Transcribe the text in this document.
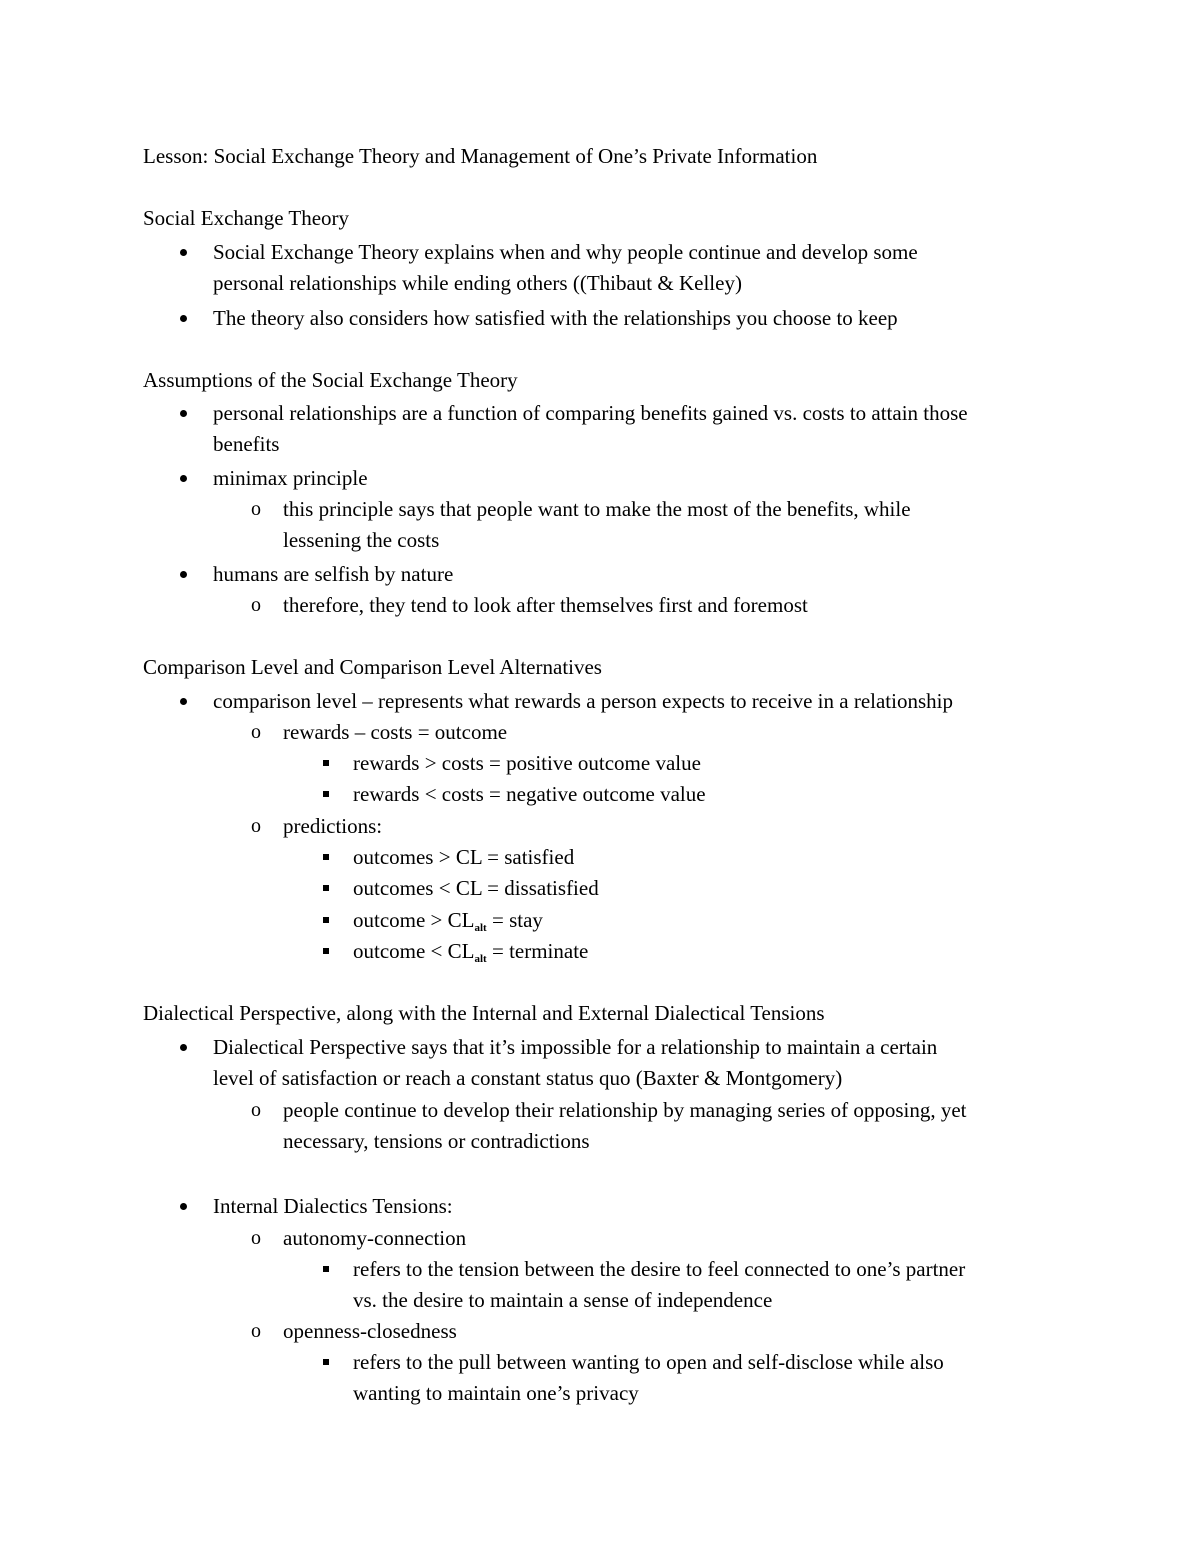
Lesson: Social Exchange Theory and Management of One’s Private Information
Social Exchange Theory
Social Exchange Theory explains when and why people continue and develop some
personal relationships while ending others ((Thibaut & Kelley)
The theory also considers how satisfied with the relationships you choose to keep
Assumptions of the Social Exchange Theory
personal relationships are a function of comparing benefits gained vs. costs to attain those
benefits
minimax principle
o	this principle says that people want to make the most of the benefits, while
lessening the costs
humans are selfish by nature
o	therefore, they tend to look after themselves first and foremost
Comparison Level and Comparison Level Alternatives
comparison level – represents what rewards a person expects to receive in a relationship
o	rewards – costs = outcome
rewards > costs = positive outcome value
rewards < costs = negative outcome value
o	predictions:
outcomes > CL = satisfied
outcomes < CL = dissatisfied
outcome > $CL_{alt}$ = stay
outcome < $CL_{alt}$ = terminate
Dialectical Perspective, along with the Internal and External Dialectical Tensions
Dialectical Perspective says that it’s impossible for a relationship to maintain a certain
level of satisfaction or reach a constant status quo (Baxter & Montgomery)
o	people continue to develop their relationship by managing series of opposing, yet
necessary, tensions or contradictions
Internal Dialectics Tensions:
o	autonomy-connection
refers to the tension between the desire to feel connected to one’s partner
vs. the desire to maintain a sense of independence
o	openness-closedness
refers to the pull between wanting to open and self-disclose while also
wanting to maintain one’s privacy
